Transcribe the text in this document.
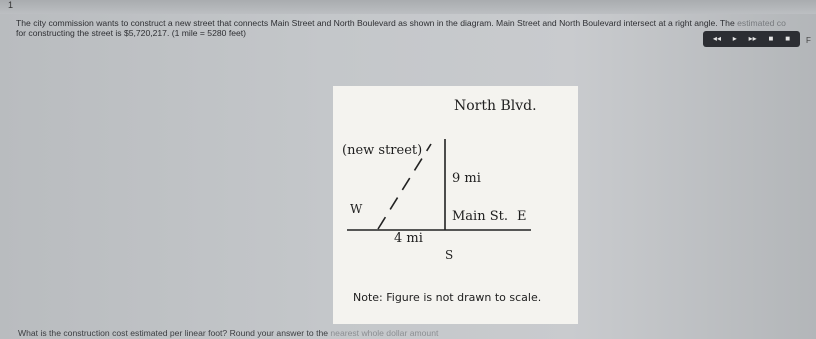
1
◂◂ ▸ ▸▸ ■ ■ F
The city commission wants to construct a new street that connects Main Street and North Boulevard as shown in the diagram. Main Street and North Boulevard intersect at a right angle. The estimated co
for constructing the street is $5,720,217. (1 mile = 5280 feet)
North Blvd.
(new street)
9 mi
W	Main St. E
4 mi
S
Note: Figure is not drawn to scale.
What is the construction cost estimated per linear foot? Round your answer to the nearest whole dollar amount
